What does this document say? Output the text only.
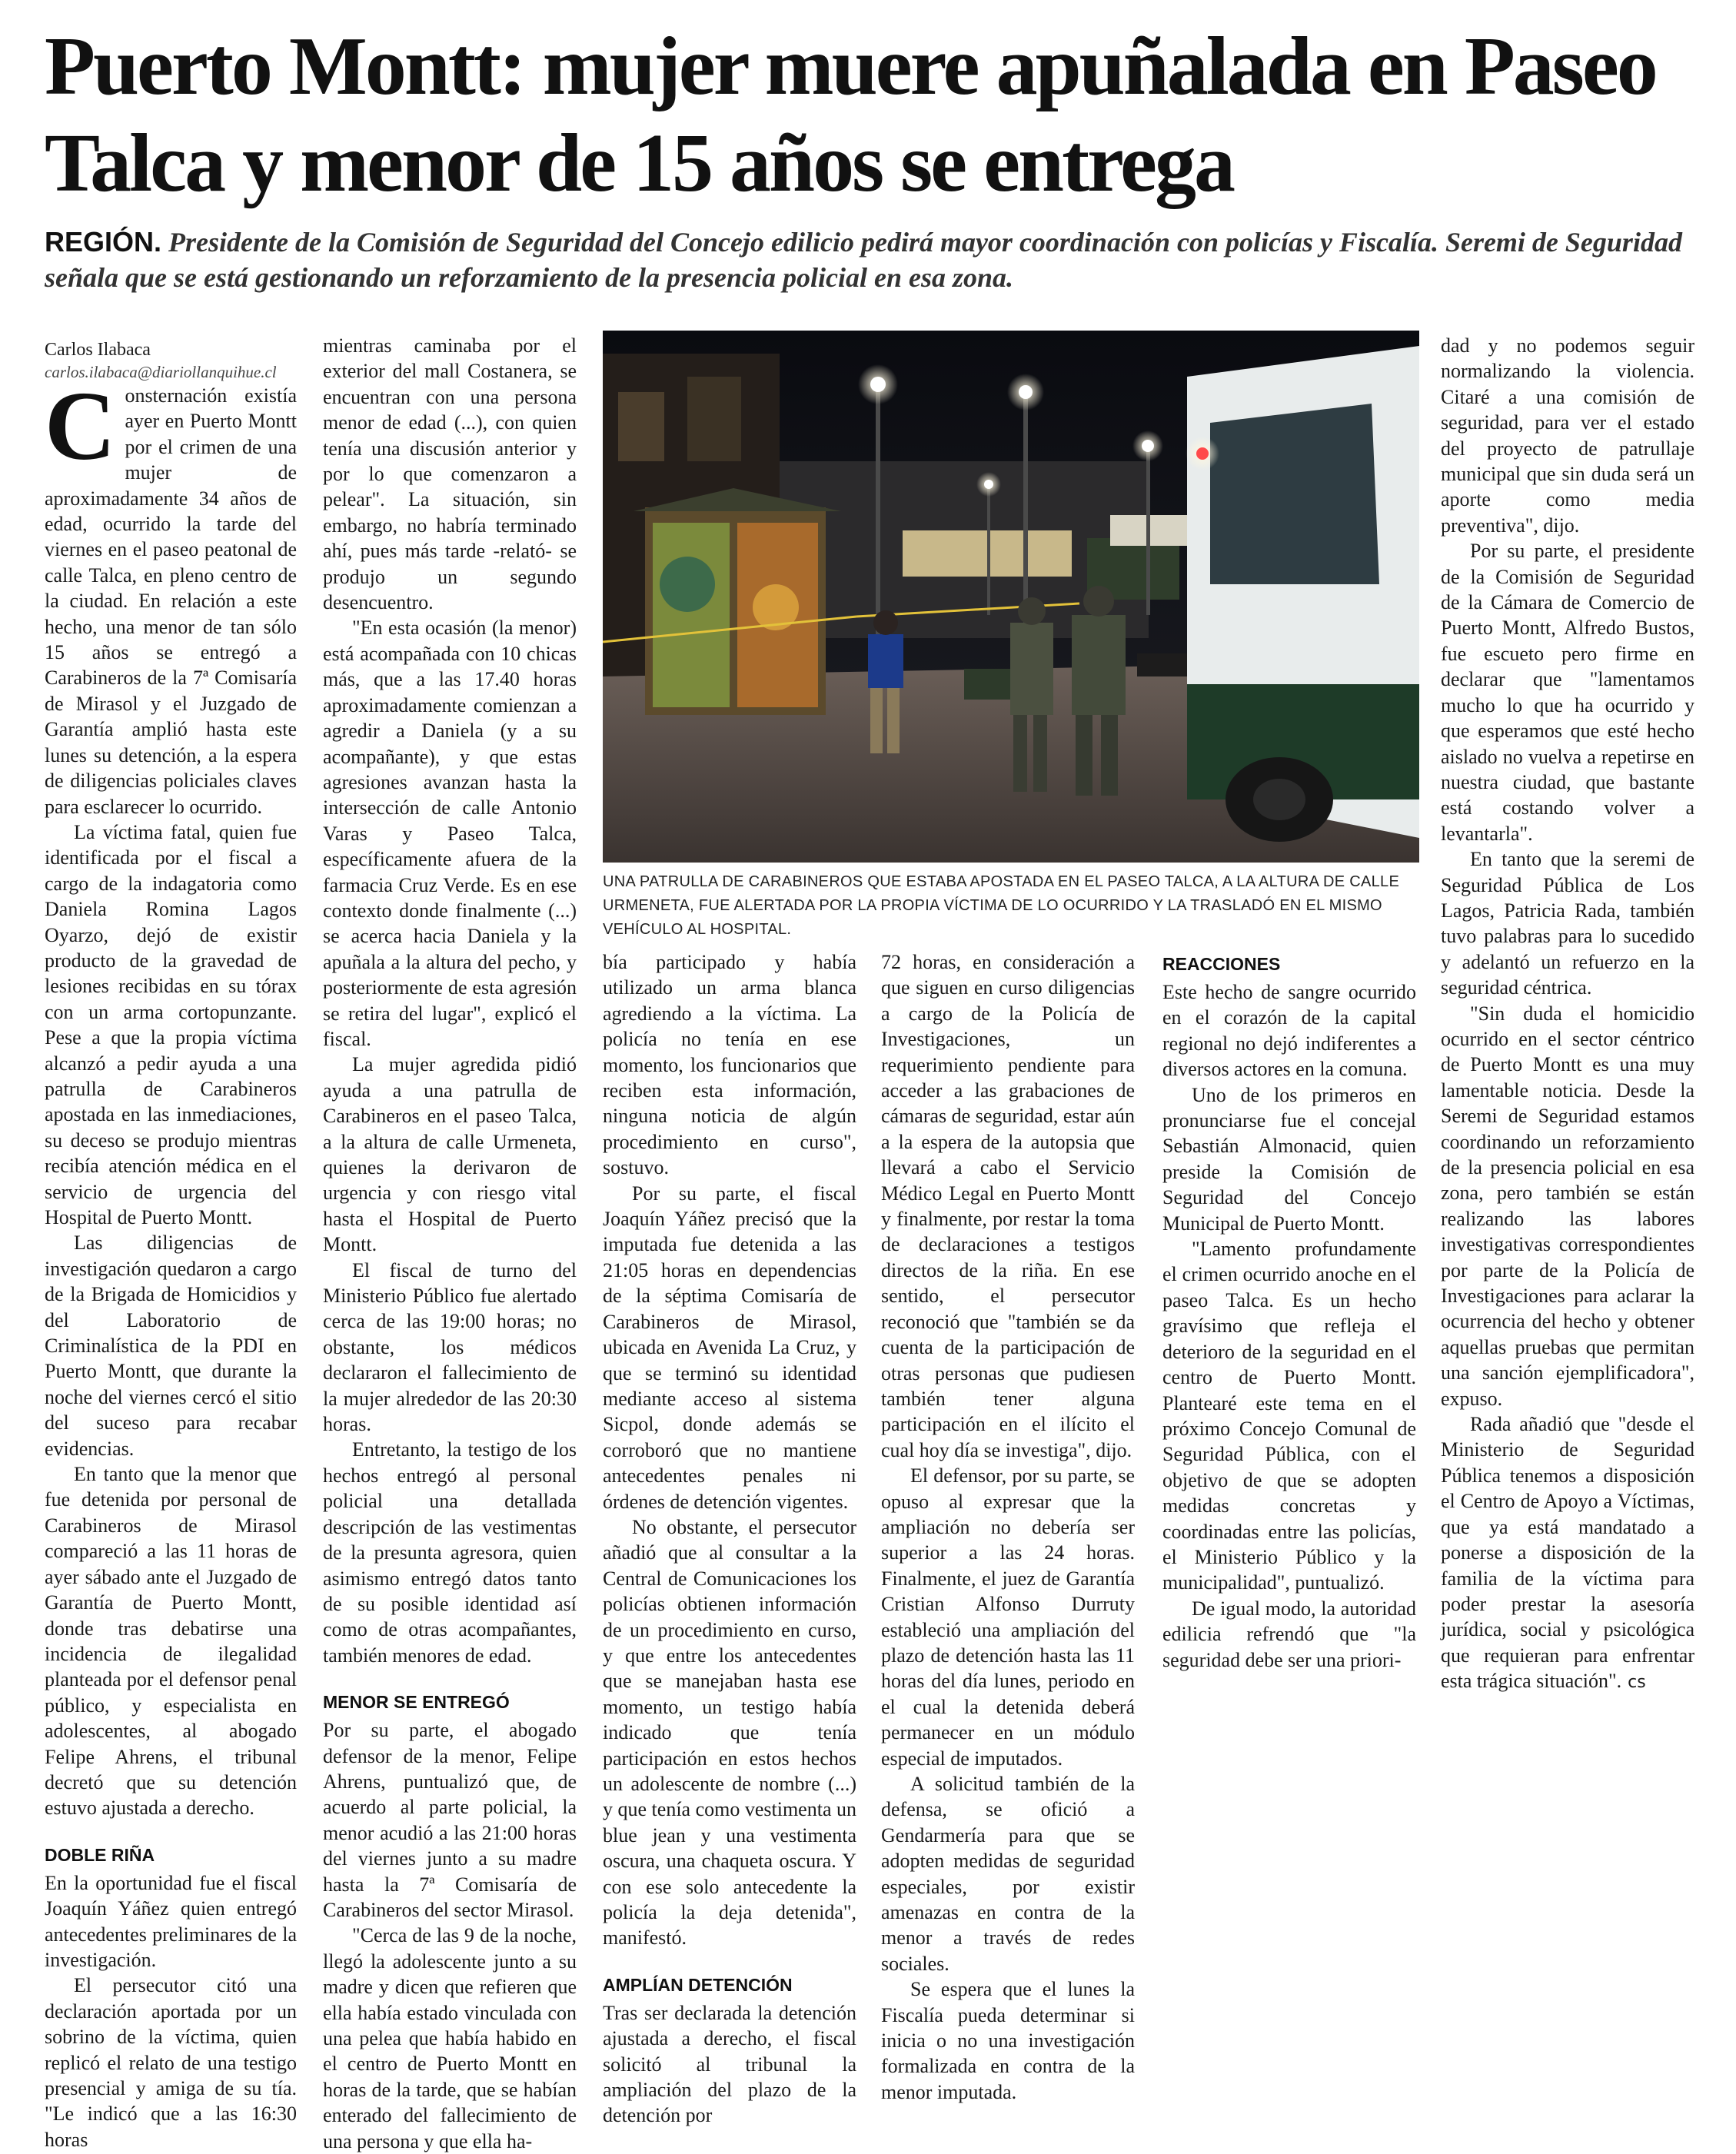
Puerto Montt: mujer muere apuñalada en Paseo Talca y menor de 15 años se entrega

REGIÓN. Presidente de la Comisión de Seguridad del Concejo edilicio pedirá mayor coordinación con policías y Fiscalía. Seremi de Seguridad señala que se está gestionando un reforzamiento de la presencia policial en esa zona.

Carlos Ilabaca

carlos.ilabaca@diariollanquihue.cl

Consternación existía ayer en Puerto Montt por el crimen de una mujer de aproximadamente 34 años de edad, ocurrido la tarde del viernes en el paseo peatonal de calle Talca, en pleno centro de la ciudad. En relación a este hecho, una menor de tan sólo 15 años se entregó a Carabineros de la 7ª Comisaría de Mirasol y el Juzgado de Garantía amplió hasta este lunes su detención, a la espera de diligencias policiales claves para esclarecer lo ocurrido.

La víctima fatal, quien fue identificada por el fiscal a cargo de la indagatoria como Daniela Romina Lagos Oyarzo, dejó de existir producto de la gravedad de lesiones recibidas en su tórax con un arma cortopunzante. Pese a que la propia víctima alcanzó a pedir ayuda a una patrulla de Carabineros apostada en las inmediaciones, su deceso se produjo mientras recibía atención médica en el servicio de urgencia del Hospital de Puerto Montt.

Las diligencias de investigación quedaron a cargo de la Brigada de Homicidios y del Laboratorio de Criminalística de la PDI en Puerto Montt, que durante la noche del viernes cercó el sitio del suceso para recabar evidencias.

En tanto que la menor que fue detenida por personal de Carabineros de Mirasol compareció a las 11 horas de ayer sábado ante el Juzgado de Garantía de Puerto Montt, donde tras debatirse una incidencia de ilegalidad planteada por el defensor penal público, y especialista en adolescentes, al abogado Felipe Ahrens, el tribunal decretó que su detención estuvo ajustada a derecho.

DOBLE RIÑA

En la oportunidad fue el fiscal Joaquín Yáñez quien entregó antecedentes preliminares de la investigación.

El persecutor citó una declaración aportada por un sobrino de la víctima, quien replicó el relato de una testigo presencial y amiga de su tía. "Le indicó que a las 16:30 horas

mientras caminaba por el exterior del mall Costanera, se encuentran con una persona menor de edad (...), con quien tenía una discusión anterior y por lo que comenzaron a pelear". La situación, sin embargo, no habría terminado ahí, pues más tarde -relató- se produjo un segundo desencuentro.

"En esta ocasión (la menor) está acompañada con 10 chicas más, que a las 17.40 horas aproximadamente comienzan a agredir a Daniela (y a su acompañante), y que estas agresiones avanzan hasta la intersección de calle Antonio Varas y Paseo Talca, específicamente afuera de la farmacia Cruz Verde. Es en ese contexto donde finalmente (...) se acerca hacia Daniela y la apuñala a la altura del pecho, y posteriormente de esta agresión se retira del lugar", explicó el fiscal.

La mujer agredida pidió ayuda a una patrulla de Carabineros en el paseo Talca, a la altura de calle Urmeneta, quienes la derivaron de urgencia y con riesgo vital hasta el Hospital de Puerto Montt.

El fiscal de turno del Ministerio Público fue alertado cerca de las 19:00 horas; no obstante, los médicos declararon el fallecimiento de la mujer alrededor de las 20:30 horas.

Entretanto, la testigo de los hechos entregó al personal policial una detallada descripción de las vestimentas de la presunta agresora, quien asimismo entregó datos tanto de su posible identidad así como de otras acompañantes, también menores de edad.

MENOR SE ENTREGÓ

Por su parte, el abogado defensor de la menor, Felipe Ahrens, puntualizó que, de acuerdo al parte policial, la menor acudió a las 21:00 horas del viernes junto a su madre hasta la 7ª Comisaría de Carabineros del sector Mirasol.

"Cerca de las 9 de la noche, llegó la adolescente junto a su madre y dicen que refieren que ella había estado vinculada con una pelea que había habido en el centro de Puerto Montt en horas de la tarde, que se habían enterado del fallecimiento de una persona y que ella ha-

UNA PATRULLA DE CARABINEROS QUE ESTABA APOSTADA EN EL PASEO TALCA, A LA ALTURA DE CALLE URMENETA, FUE ALERTADA POR LA PROPIA VÍCTIMA DE LO OCURRIDO Y LA TRASLADÓ EN EL MISMO VEHÍCULO AL HOSPITAL.

bía participado y había utilizado un arma blanca agrediendo a la víctima. La policía no tenía en ese momento, los funcionarios que reciben esta información, ninguna noticia de algún procedimiento en curso", sostuvo.

Por su parte, el fiscal Joaquín Yáñez precisó que la imputada fue detenida a las 21:05 horas en dependencias de la séptima Comisaría de Carabineros de Mirasol, ubicada en Avenida La Cruz, y que se terminó su identidad mediante acceso al sistema Sicpol, donde además se corroboró que no mantiene antecedentes penales ni órdenes de detención vigentes.

No obstante, el persecutor añadió que al consultar a la Central de Comunicaciones los policías obtienen información de un procedimiento en curso, y que entre los antecedentes que se manejaban hasta ese momento, un testigo había indicado que tenía participación en estos hechos un adolescente de nombre (...) y que tenía como vestimenta un blue jean y una vestimenta oscura, una chaqueta oscura. Y con ese solo antecedente la policía la deja detenida", manifestó.

AMPLÍAN DETENCIÓN

Tras ser declarada la detención ajustada a derecho, el fiscal solicitó al tribunal la ampliación del plazo de la detención por

72 horas, en consideración a que siguen en curso diligencias a cargo de la Policía de Investigaciones, un requerimiento pendiente para acceder a las grabaciones de cámaras de seguridad, estar aún a la espera de la autopsia que llevará a cabo el Servicio Médico Legal en Puerto Montt y finalmente, por restar la toma de declaraciones a testigos directos de la riña. En ese sentido, el persecutor reconoció que "también se da cuenta de la participación de otras personas que pudiesen también tener alguna participación en el ilícito el cual hoy día se investiga", dijo.

El defensor, por su parte, se opuso al expresar que la ampliación no debería ser superior a las 24 horas. Finalmente, el juez de Garantía Cristian Alfonso Durruty estableció una ampliación del plazo de detención hasta las 11 horas del día lunes, periodo en el cual la detenida deberá permanecer en un módulo especial de imputados.

A solicitud también de la defensa, se ofició a Gendarmería para que se adopten medidas de seguridad especiales, por existir amenazas en contra de la menor a través de redes sociales.

Se espera que el lunes la Fiscalía pueda determinar si inicia o no una investigación formalizada en contra de la menor imputada.

REACCIONES

Este hecho de sangre ocurrido en el corazón de la capital regional no dejó indiferentes a diversos actores en la comuna.

Uno de los primeros en pronunciarse fue el concejal Sebastián Almonacid, quien preside la Comisión de Seguridad del Concejo Municipal de Puerto Montt.

"Lamento profundamente el crimen ocurrido anoche en el paseo Talca. Es un hecho gravísimo que refleja el deterioro de la seguridad en el centro de Puerto Montt. Plantearé este tema en el próximo Concejo Comunal de Seguridad Pública, con el objetivo de que se adopten medidas concretas y coordinadas entre las policías, el Ministerio Público y la municipalidad", puntualizó.

De igual modo, la autoridad edilicia refrendó que "la seguridad debe ser una priori-

dad y no podemos seguir normalizando la violencia. Citaré a una comisión de seguridad, para ver el estado del proyecto de patrullaje municipal que sin duda será un aporte como media preventiva", dijo.

Por su parte, el presidente de la Comisión de Seguridad de la Cámara de Comercio de Puerto Montt, Alfredo Bustos, fue escueto pero firme en declarar que "lamentamos mucho lo que ha ocurrido y que esperamos que esté hecho aislado no vuelva a repetirse en nuestra ciudad, que bastante está costando volver a levantarla".

En tanto que la seremi de Seguridad Pública de Los Lagos, Patricia Rada, también tuvo palabras para lo sucedido y adelantó un refuerzo en la seguridad céntrica.

"Sin duda el homicidio ocurrido en el sector céntrico de Puerto Montt es una muy lamentable noticia. Desde la Seremi de Seguridad estamos coordinando un reforzamiento de la presencia policial en esa zona, pero también se están realizando las labores investigativas correspondientes por parte de la Policía de Investigaciones para aclarar la ocurrencia del hecho y obtener aquellas pruebas que permitan una sanción ejemplificadora", expuso.

Rada añadió que "desde el Ministerio de Seguridad Pública tenemos a disposición el Centro de Apoyo a Víctimas, que ya está mandatado a ponerse a disposición de la familia de la víctima para poder prestar la asesoría jurídica, social y psicológica que requieran para enfrentar esta trágica situación". cs
